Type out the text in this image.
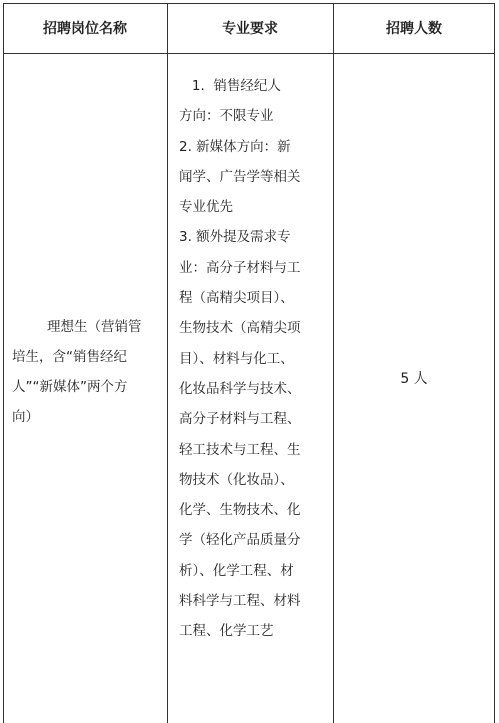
招聘岗位名称	专业要求	招聘人数
理想生（营销管
培生，含“销售经纪
人”“新媒体”两个方
向）
1.  销售经纪人
方向：不限专业
2. 新媒体方向：新
闻学、广告学等相关
专业优先
3. 额外提及需求专
业：高分子材料与工
程（高精尖项目）、
生物技术（高精尖项
目）、材料与化工、
化妆品科学与技术、
高分子材料与工程、
轻工技术与工程、生
物技术（化妆品）、
化学、生物技术、化
学（轻化产品质量分
析）、化学工程、材
料科学与工程、材料
工程、化学工艺
5 人
